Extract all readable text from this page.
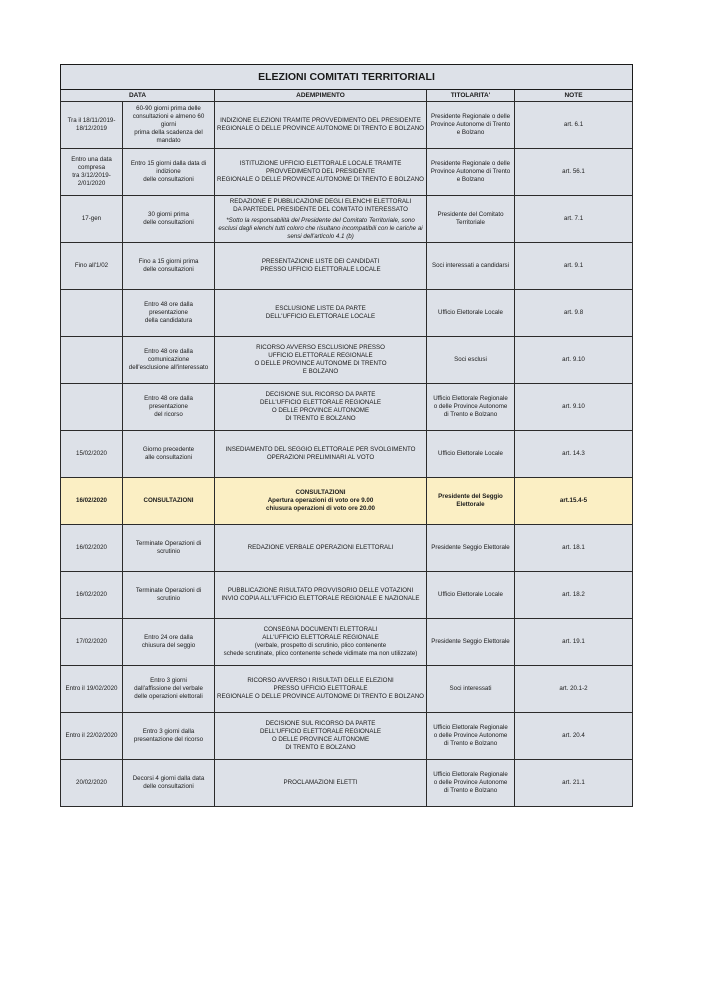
ELEZIONI COMITATI TERRITORIALI				
DATA		ADEMPIMENTO	TITOLARITA'	NOTE
Tra il 18/11/2019-
18/12/2019	60-90 giorni prima delle
consultazioni e almeno 60 giorni
prima della scadenza del
mandato	INDIZIONE ELEZIONI TRAMITE PROVVEDIMENTO DEL PRESIDENTE
REGIONALE O DELLE PROVINCE AUTONOME DI TRENTO E BOLZANO	Presidente Regionale o delle
Province Autonome di Trento
e Bolzano	art. 6.1
Entro una data
compresa
tra 3/12/2019-
2/01/2020	Entro 15 giorni dalla data di
indizione
delle consultazioni	ISTITUZIONE UFFICIO ELETTORALE LOCALE TRAMITE
PROVVEDIMENTO DEL PRESIDENTE
REGIONALE O DELLE PROVINCE AUTONOME DI TRENTO E BOLZANO	Presidente Regionale o delle
Province Autonome di Trento
e Bolzano	art. 56.1
17-gen	30 giorni prima
delle consultazioni	REDAZIONE E PUBBLICAZIONE DEGLI ELENCHI ELETTORALI
DA PARTEDEL PRESIDENTE DEL COMITATO INTERESSATO
*Sotto la responsabilità del Presidente del Comitato Territoriale, sono
esclusi dagli elenchi tutti coloro che risultano incompatibili con le cariche ai
sensi dell'articolo 4.1 (b)	Presidente del Comitato
Territoriale	art. 7.1
Fino all'1/02	Fino a 15 giorni prima
delle consultazioni	PRESENTAZIONE LISTE DEI CANDIDATI
PRESSO UFFICIO ELETTORALE LOCALE	Soci interessati a candidarsi	art. 9.1
	Entro 48 ore dalla presentazione
della candidatura	ESCLUSIONE LISTE DA PARTE
DELL'UFFICIO ELETTORALE LOCALE	Ufficio Elettorale Locale	art. 9.8
	Entro 48 ore dalla
comunicazione
dell'esclusione all'interessato	RICORSO AVVERSO ESCLUSIONE PRESSO
UFFICIO ELETTORALE REGIONALE
O DELLE PROVINCE AUTONOME DI TRENTO
E BOLZANO	Soci esclusi	art. 9.10
	Entro 48 ore dalla presentazione
del ricorso	DECISIONE SUL RICORSO DA PARTE
DELL'UFFICIO ELETTORALE REGIONALE
O DELLE PROVINCE AUTONOME
DI TRENTO E BOLZANO	Ufficio Elettorale Regionale
o delle Province Autonome
di Trento e Bolzano	art. 9.10
15/02/2020	Giorno precedente
alle consultazioni	INSEDIAMENTO DEL SEGGIO ELETTORALE PER SVOLGIMENTO
OPERAZIONI PRELIMINARI AL VOTO	Ufficio Elettorale Locale	art. 14.3
16/02/2020	CONSULTAZIONI	CONSULTAZIONI
Apertura operazioni di voto ore 9.00
chiusura operazioni di voto ore 20.00	Presidente del Seggio
Elettorale	art.15.4-5
16/02/2020	Terminate Operazioni di
scrutinio	REDAZIONE VERBALE OPERAZIONI ELETTORALI	Presidente Seggio Elettorale	art. 18.1
16/02/2020	Terminate Operazioni di
scrutinio	PUBBLICAZIONE RISULTATO PROVVISORIO DELLE VOTAZIONI
INVIO COPIA ALL'UFFICIO ELETTORALE REGIONALE E NAZIONALE	Ufficio Elettorale Locale	art. 18.2
17/02/2020	Entro 24 ore dalla
chiusura del seggio	CONSEGNA DOCUMENTI ELETTORALI
ALL'UFFICIO ELETTORALE REGIONALE
(verbale, prospetto di scrutinio, plico contenente
schede scrutinate, plico contenente schede vidimate ma non utilizzate)	Presidente Seggio Elettorale	art. 19.1
Entro il 19/02/2020	Entro 3 giorni
dall'affissione del verbale
delle operazioni elettorali	RICORSO AVVERSO I RISULTATI DELLE ELEZIONI
PRESSO UFFICIO ELETTORALE
REGIONALE O DELLE PROVINCE AUTONOME DI TRENTO E BOLZANO	Soci interessati	art. 20.1-2
Entro il 22/02/2020	Entro 3 giorni dalla
presentazione del ricorso	DECISIONE SUL RICORSO DA PARTE
DELL'UFFICIO ELETTORALE REGIONALE
O DELLE PROVINCE AUTONOME
DI TRENTO E BOLZANO	Ufficio Elettorale Regionale
o delle Province Autonome
di Trento e Bolzano	art. 20.4
20/02/2020	Decorsi 4 giorni dalla data
delle consultazioni	PROCLAMAZIONI ELETTI	Ufficio Elettorale Regionale
o delle Province Autonome
di Trento e Bolzano	art. 21.1
